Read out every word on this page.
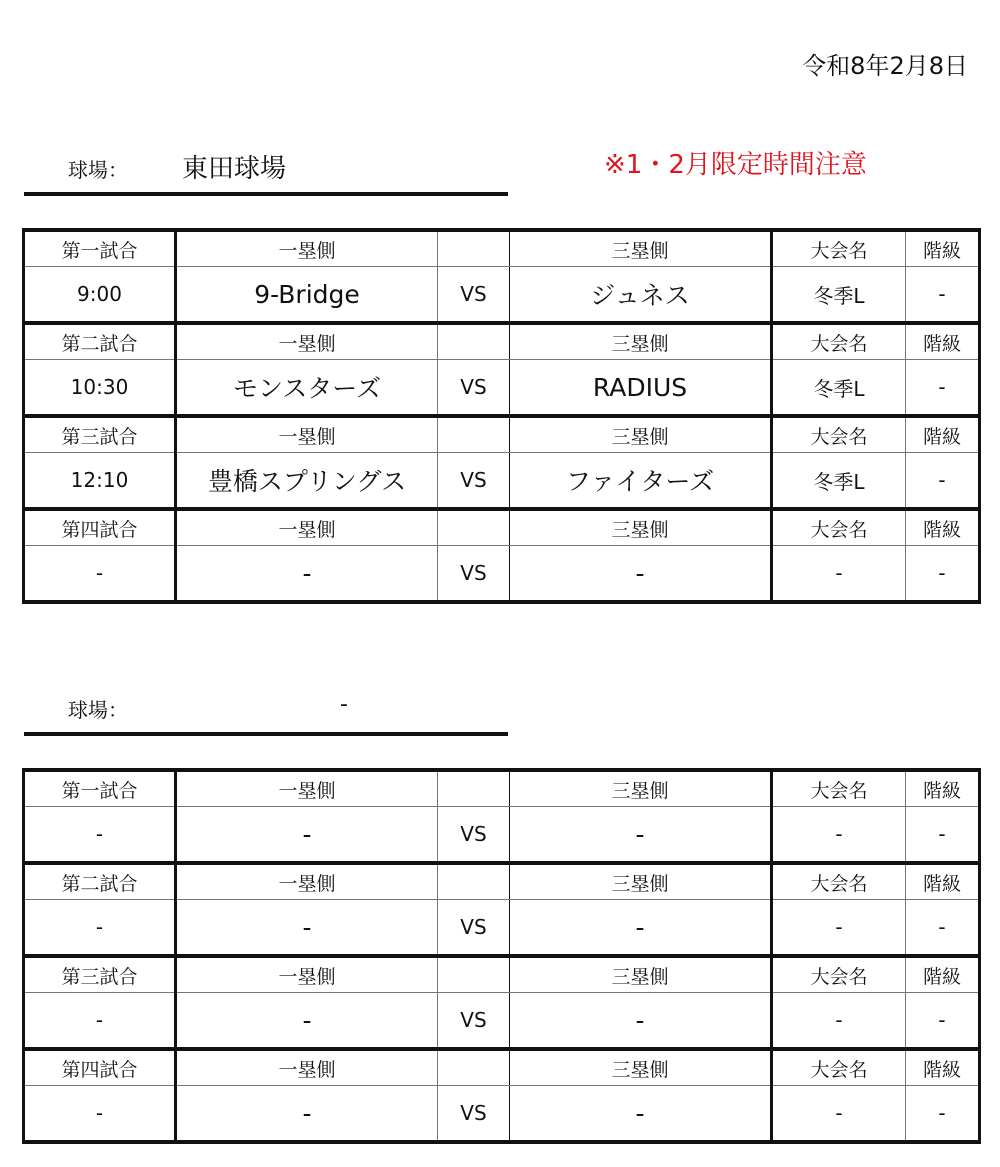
令和8年2月8日
球場： 東田球場	※1・2月限定時間注意
第一試合	一塁側		三塁側	大会名	階級
9:00	9-Bridge	VS	ジュネス	冬季L	-
第二試合	一塁側		三塁側	大会名	階級
10:30	モンスターズ	VS	RADIUS	冬季L	-
第三試合	一塁側		三塁側	大会名	階級
12:10	豊橋スプリングス	VS	ファイターズ	冬季L	-
第四試合	一塁側		三塁側	大会名	階級
-	-	VS	-	-	-
球場：	-
第一試合	一塁側		三塁側	大会名	階級
-	-	VS	-	-	-
第二試合	一塁側		三塁側	大会名	階級
-	-	VS	-	-	-
第三試合	一塁側		三塁側	大会名	階級
-	-	VS	-	-	-
第四試合	一塁側		三塁側	大会名	階級
-	-	VS	-	-	-
